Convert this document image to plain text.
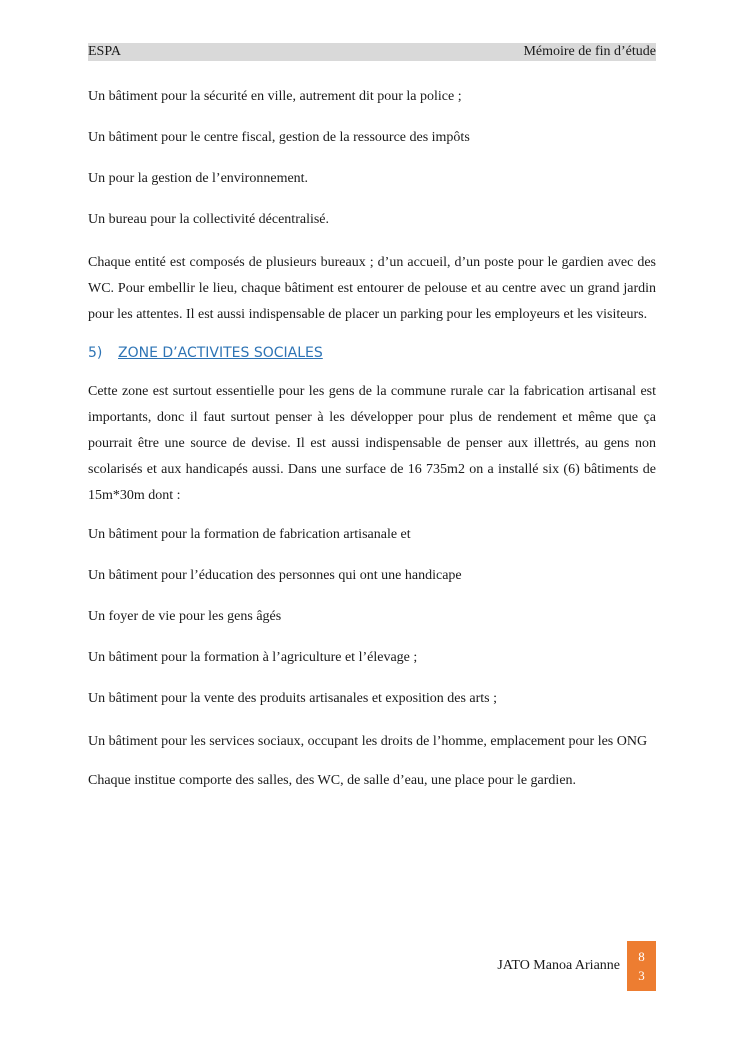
ESPA	Mémoire de fin d’étude

Un bâtiment pour la sécurité en ville, autrement dit pour la police ;

Un bâtiment pour le centre fiscal, gestion de la ressource des impôts

Un pour la gestion de l’environnement.

Un bureau pour la collectivité décentralisé.

Chaque entité est composés de plusieurs bureaux ; d’un accueil, d’un poste pour le gardien avec des WC. Pour embellir le lieu, chaque bâtiment est entourer de pelouse et au centre avec un grand jardin pour les attentes. Il est aussi indispensable de placer un parking pour les employeurs et les visiteurs.

5) ZONE D’ACTIVITES SOCIALES

Cette zone est surtout essentielle pour les gens de la commune rurale car la fabrication artisanal est importants, donc il faut surtout penser à les développer pour plus de rendement et même que ça pourrait être une source de devise. Il est aussi indispensable de penser aux illettrés, au gens non scolarisés et aux handicapés aussi. Dans une surface de 16 735m2 on a installé six (6) bâtiments de 15m*30m dont :

Un bâtiment pour la formation de fabrication artisanale et

Un bâtiment pour l’éducation des personnes qui ont une handicape

Un foyer de vie pour les gens âgés

Un bâtiment pour la formation à l’agriculture et l’élevage ;

Un bâtiment pour la vente des produits artisanales et exposition des arts ;

Un bâtiment pour les services sociaux, occupant les droits de l’homme, emplacement pour les ONG

Chaque institue comporte des salles, des WC, de salle d’eau, une place pour le gardien.

JATO Manoa Arianne
8
3
